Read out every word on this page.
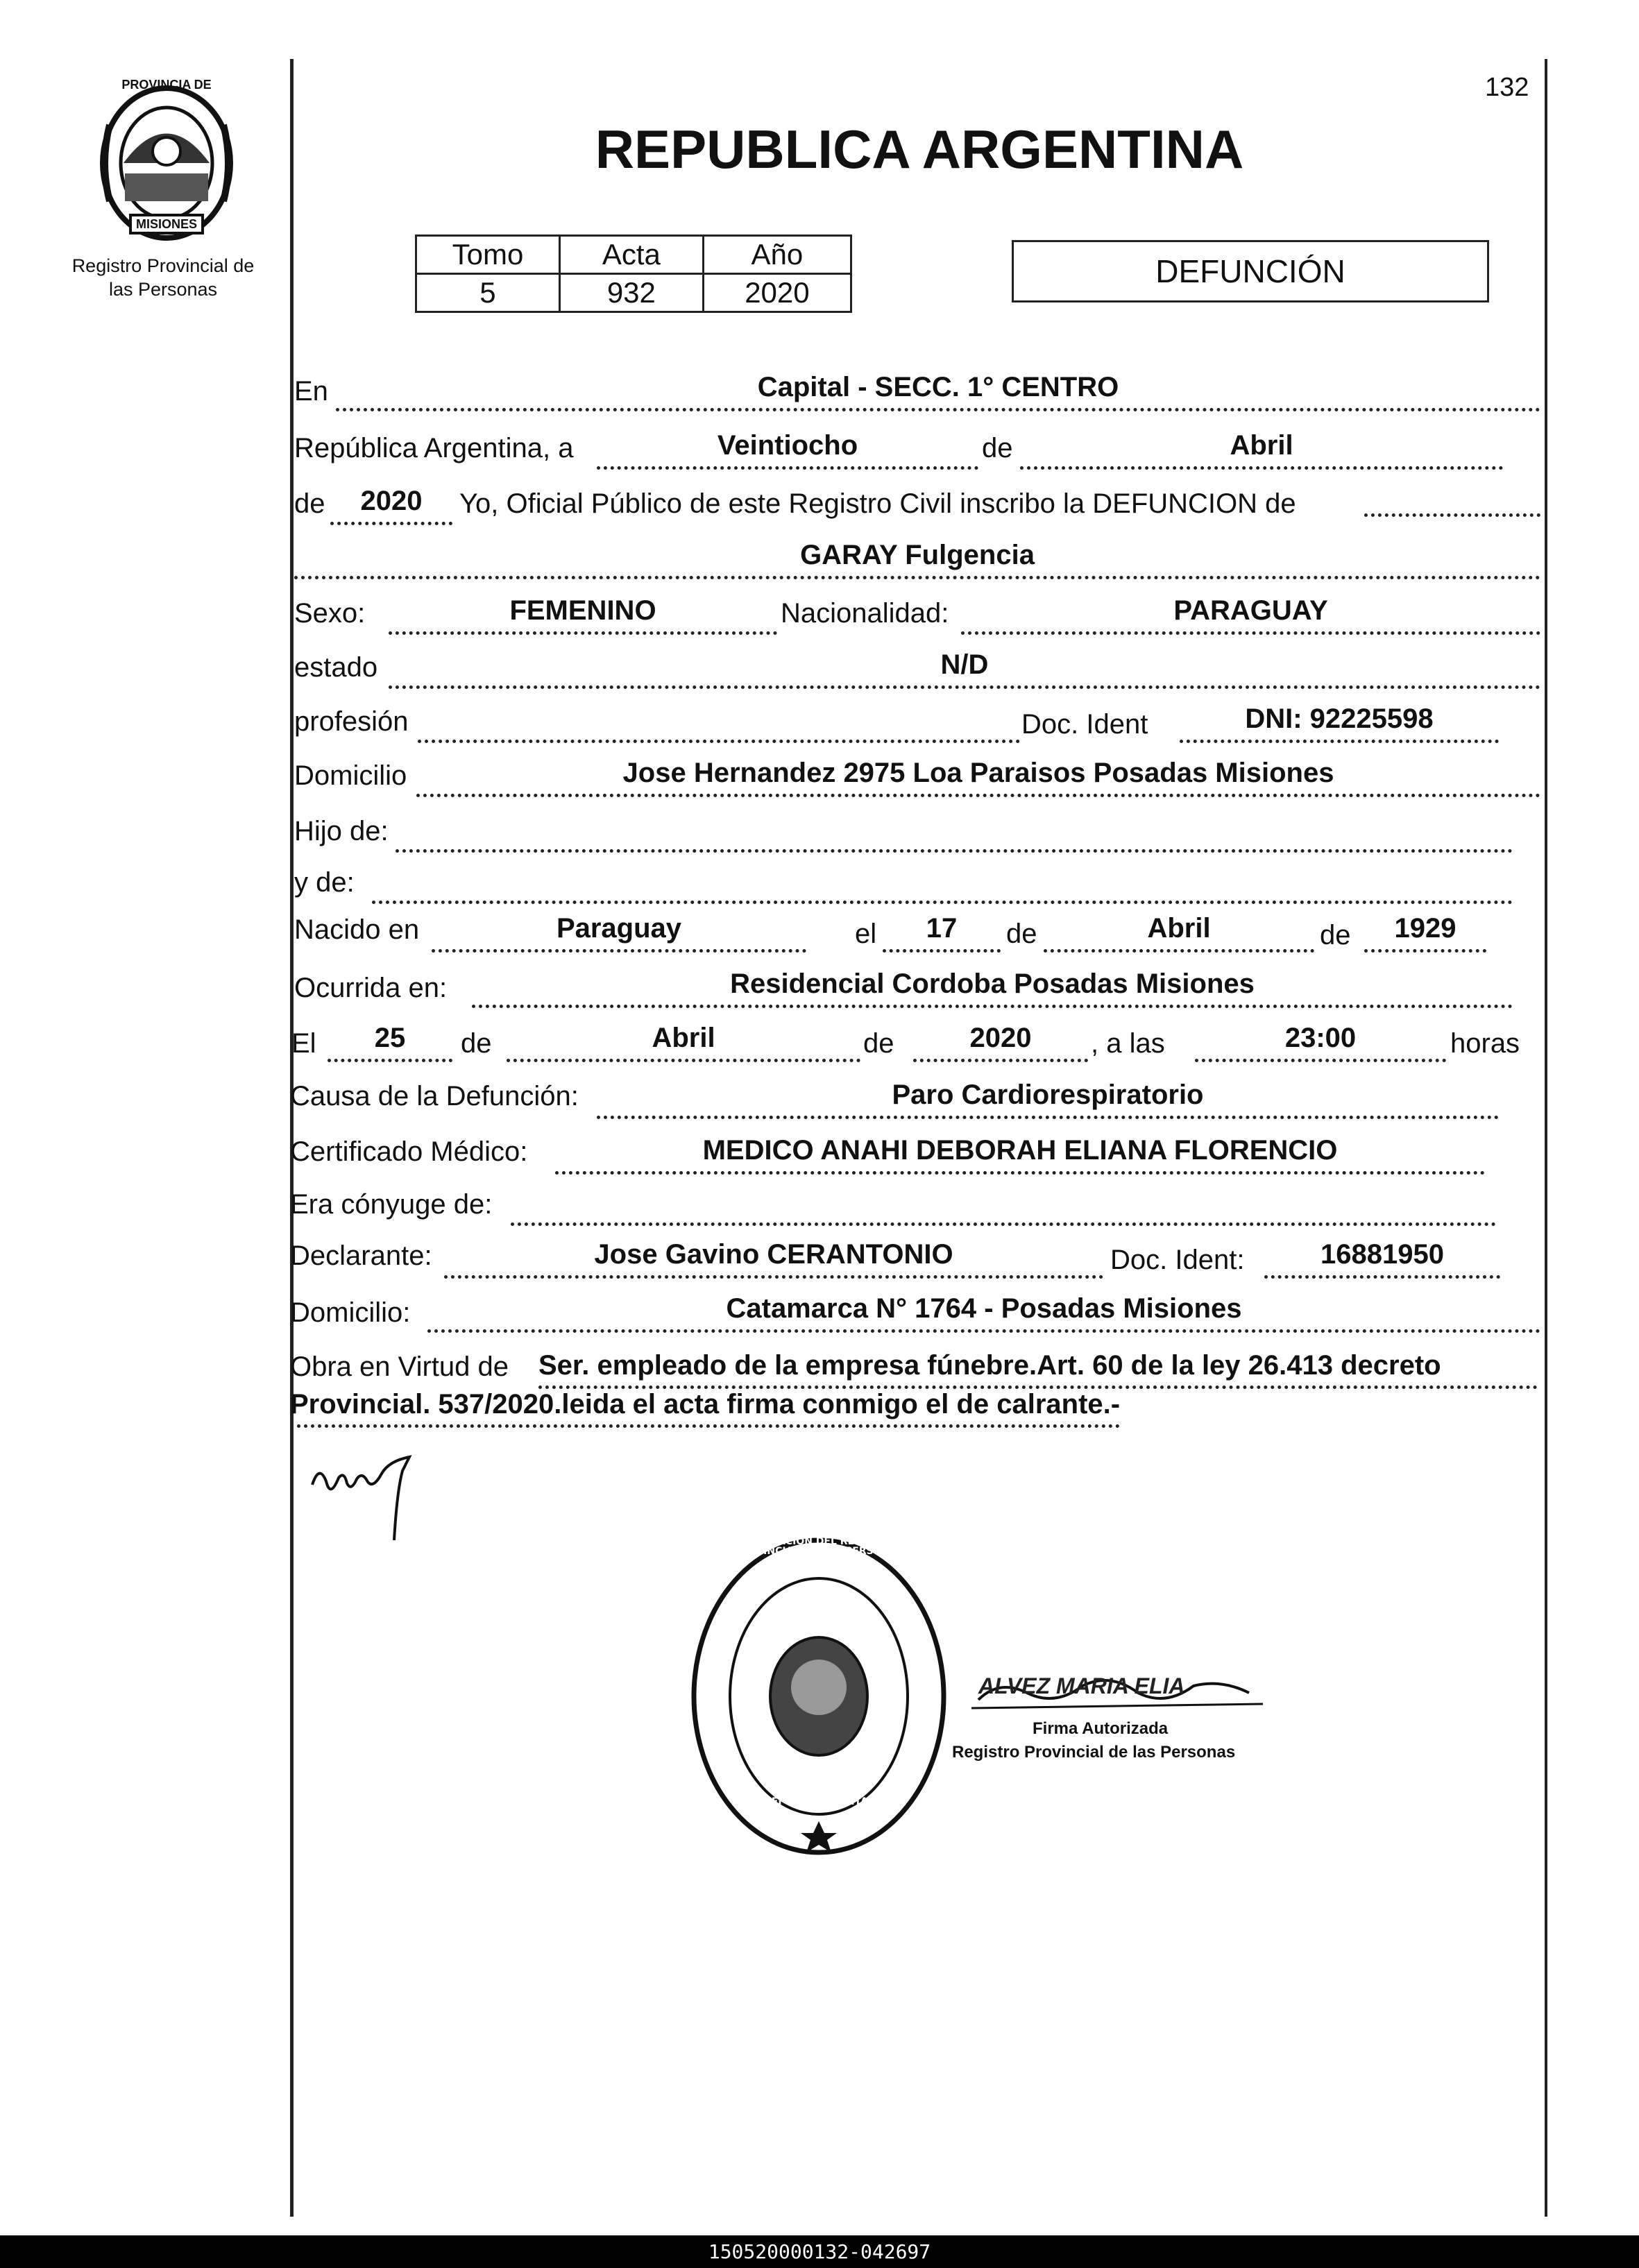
PROVINCIA DE
MISIONES
Registro Provincial de
las Personas
132
REPUBLICA ARGENTINA
Tomo	Acta	Año
5	932	2020
DEFUNCIÓN
En	Capital - SECC. 1° CENTRO
República Argentina, a	Veintiocho	de	Abril
de	2020	Yo, Oficial Público de este Registro Civil inscribo la DEFUNCION de
GARAY Fulgencia
Sexo:	FEMENINO	Nacionalidad:	PARAGUAY
estado	N/D
profesión	Doc. Ident	DNI: 92225598
Domicilio	Jose Hernandez 2975 Loa Paraisos Posadas Misiones
Hijo de:
y de:
Nacido en	Paraguay	el	17	de	Abril	de	1929
Ocurrida en:	Residencial Cordoba Posadas Misiones
El	25	de	Abril	de	2020	, a las	23:00	horas
Causa de la Defunción:	Paro Cardiorespiratorio
Certificado Médico:	MEDICO ANAHI DEBORAH ELIANA FLORENCIO
Era cónyuge de:
Declarante:	Jose Gavino CERANTONIO	Doc. Ident:	16881950
Domicilio:	Catamarca N° 1764 - Posadas Misiones
Obra en Virtud de Ser. empleado de la empresa fúnebre.Art. 60 de la ley 26.413 decreto
Provincial. 537/2020.leida el acta firma conmigo el de calrante.-
DELEGACION DEL REGISTRO PROVINCIAL DE LAS PERSONAS
DEFUNCION DIGITAL
ALVEZ MARIA ELIA
Firma Autorizada
Registro Provincial de las Personas
150520000132-042697
